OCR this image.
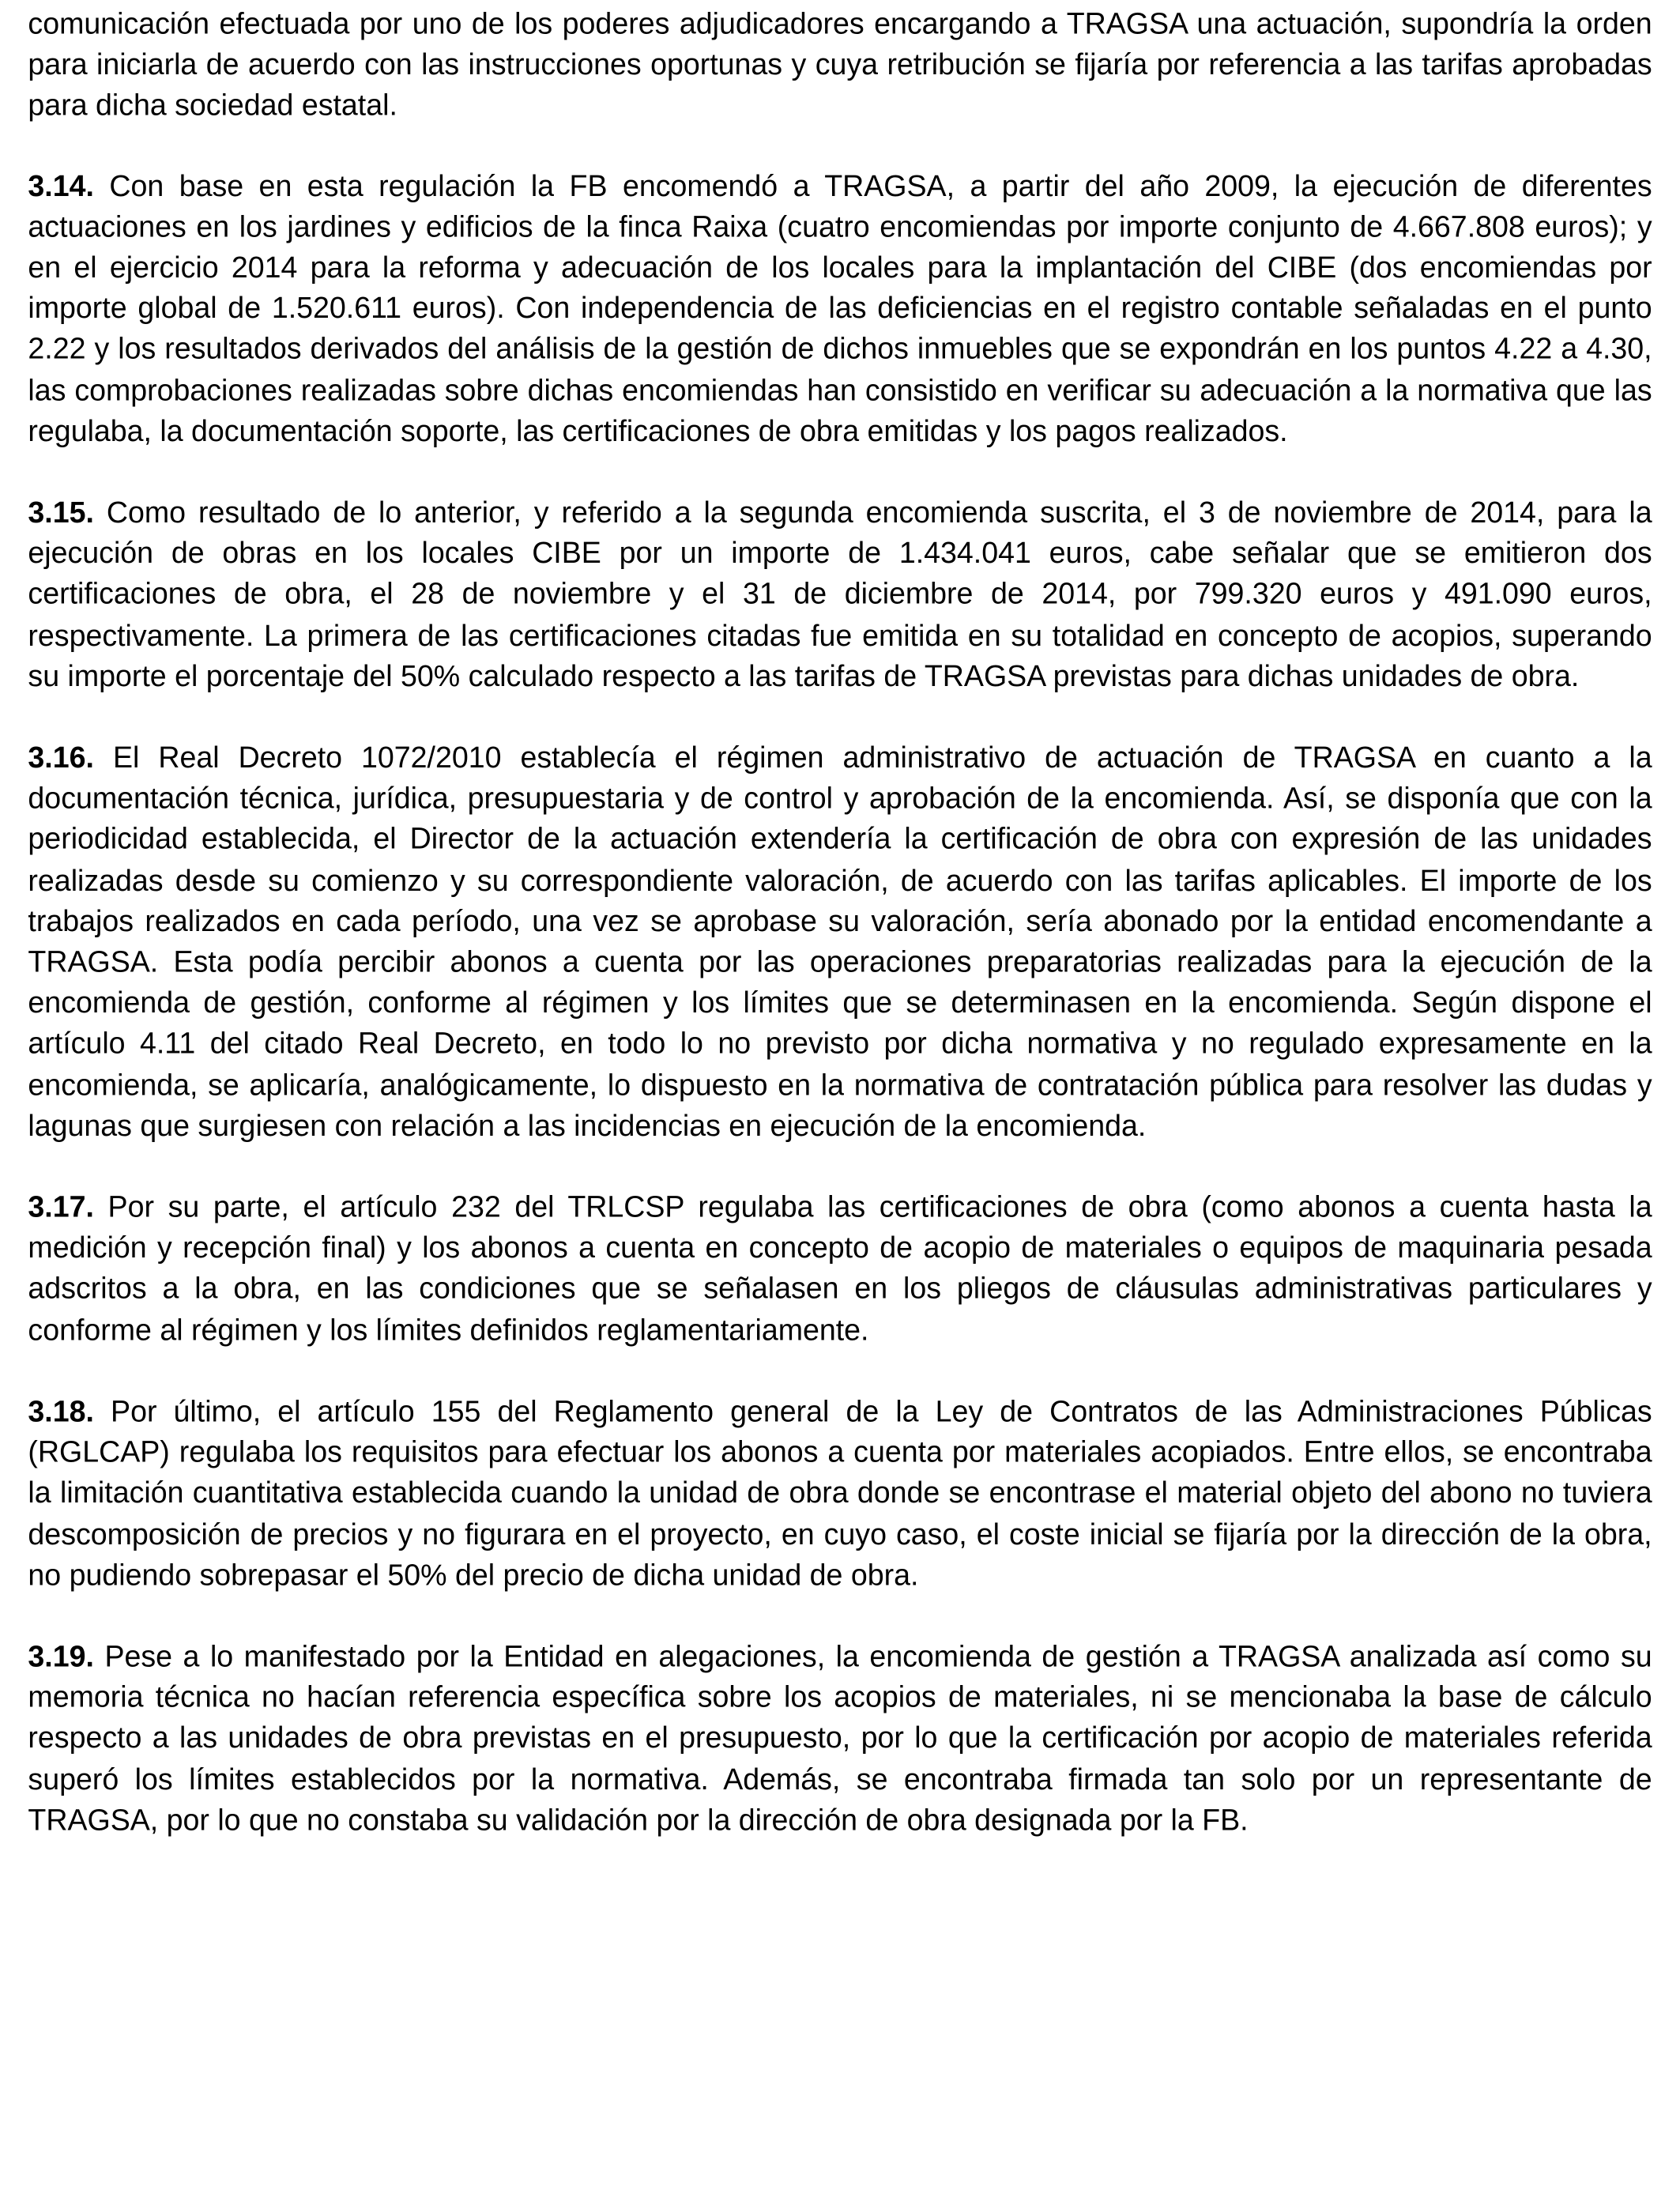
comunicación efectuada por uno de los poderes adjudicadores encargando a TRAGSA una actuación, supondría la orden para iniciarla de acuerdo con las instrucciones oportunas y cuya retribución se fijaría por referencia a las tarifas aprobadas para dicha sociedad estatal.

3.14. Con base en esta regulación la FB encomendó a TRAGSA, a partir del año 2009, la ejecución de diferentes actuaciones en los jardines y edificios de la finca Raixa (cuatro encomiendas por importe conjunto de 4.667.808 euros); y en el ejercicio 2014 para la reforma y adecuación de los locales para la implantación del CIBE (dos encomiendas por importe global de 1.520.611 euros). Con independencia de las deficiencias en el registro contable señaladas en el punto 2.22 y los resultados derivados del análisis de la gestión de dichos inmuebles que se expondrán en los puntos 4.22 a 4.30, las comprobaciones realizadas sobre dichas encomiendas han consistido en verificar su adecuación a la normativa que las regulaba, la documentación soporte, las certificaciones de obra emitidas y los pagos realizados.

3.15. Como resultado de lo anterior, y referido a la segunda encomienda suscrita, el 3 de noviembre de 2014, para la ejecución de obras en los locales CIBE por un importe de 1.434.041 euros, cabe señalar que se emitieron dos certificaciones de obra, el 28 de noviembre y el 31 de diciembre de 2014, por 799.320 euros y 491.090 euros, respectivamente. La primera de las certificaciones citadas fue emitida en su totalidad en concepto de acopios, superando su importe el porcentaje del 50% calculado respecto a las tarifas de TRAGSA previstas para dichas unidades de obra.

3.16. El Real Decreto 1072/2010 establecía el régimen administrativo de actuación de TRAGSA en cuanto a la documentación técnica, jurídica, presupuestaria y de control y aprobación de la encomienda. Así, se disponía que con la periodicidad establecida, el Director de la actuación extendería la certificación de obra con expresión de las unidades realizadas desde su comienzo y su correspondiente valoración, de acuerdo con las tarifas aplicables. El importe de los trabajos realizados en cada período, una vez se aprobase su valoración, sería abonado por la entidad encomendante a TRAGSA. Esta podía percibir abonos a cuenta por las operaciones preparatorias realizadas para la ejecución de la encomienda de gestión, conforme al régimen y los límites que se determinasen en la encomienda. Según dispone el artículo 4.11 del citado Real Decreto, en todo lo no previsto por dicha normativa y no regulado expresamente en la encomienda, se aplicaría, analógicamente, lo dispuesto en la normativa de contratación pública para resolver las dudas y lagunas que surgiesen con relación a las incidencias en ejecución de la encomienda.

3.17. Por su parte, el artículo 232 del TRLCSP regulaba las certificaciones de obra (como abonos a cuenta hasta la medición y recepción final) y los abonos a cuenta en concepto de acopio de materiales o equipos de maquinaria pesada adscritos a la obra, en las condiciones que se señalasen en los pliegos de cláusulas administrativas particulares y conforme al régimen y los límites definidos reglamentariamente.

3.18. Por último, el artículo 155 del Reglamento general de la Ley de Contratos de las Administraciones Públicas (RGLCAP) regulaba los requisitos para efectuar los abonos a cuenta por materiales acopiados. Entre ellos, se encontraba la limitación cuantitativa establecida cuando la unidad de obra donde se encontrase el material objeto del abono no tuviera descomposición de precios y no figurara en el proyecto, en cuyo caso, el coste inicial se fijaría por la dirección de la obra, no pudiendo sobrepasar el 50% del precio de dicha unidad de obra.

3.19. Pese a lo manifestado por la Entidad en alegaciones, la encomienda de gestión a TRAGSA analizada así como su memoria técnica no hacían referencia específica sobre los acopios de materiales, ni se mencionaba la base de cálculo respecto a las unidades de obra previstas en el presupuesto, por lo que la certificación por acopio de materiales referida superó los límites establecidos por la normativa. Además, se encontraba firmada tan solo por un representante de TRAGSA, por lo que no constaba su validación por la dirección de obra designada por la FB.
